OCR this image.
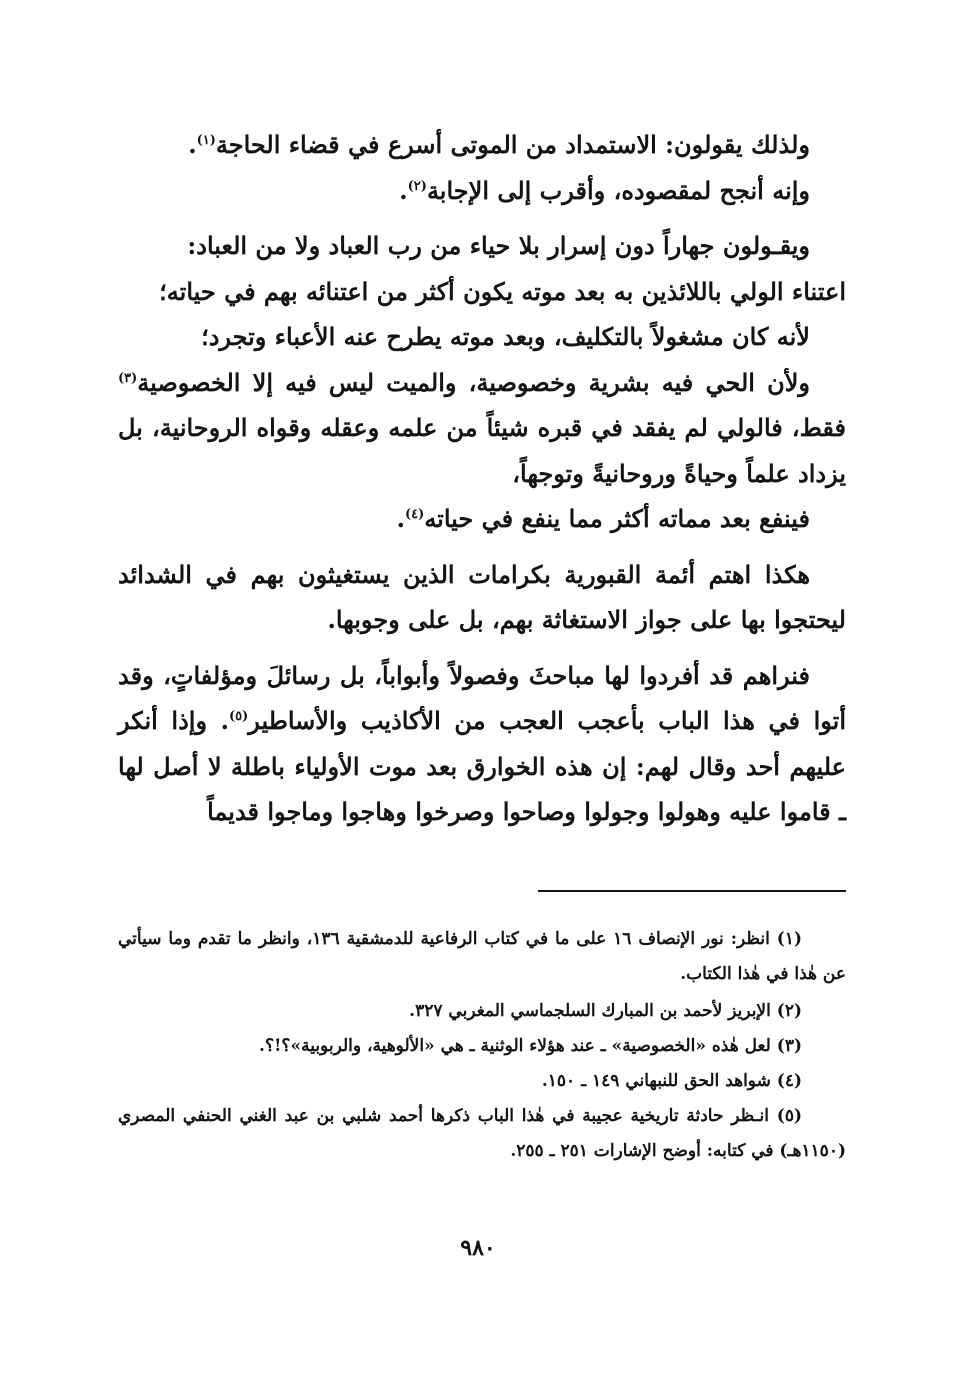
ولذلك يقولون: الاستمداد من الموتى أسرع في قضاء الحاجة$^{(١)}$.

وإنه أنجح لمقصوده، وأقرب إلى الإجابة$^{(٢)}$.

ويقـولون جهاراً دون إسرار بلا حياء من رب العباد ولا من العباد:

اعتناء الولي باللائذين به بعد موته يكون أكثر من اعتنائه بهم في حياته؛

لأنه كان مشغولاً بالتكليف، وبعد موته يطرح عنه الأعباء وتجرد؛

ولأن الحي فيه بشرية وخصوصية، والميت ليس فيه إلا الخصوصية$^{(٣)}$ فقط، فالولي لم يفقد في قبره شيئاً من علمه وعقله وقواه الروحانية، بل يزداد علماً وحياةً وروحانيةً وتوجهاً،

فينفع بعد مماته أكثر مما ينفع في حياته$^{(٤)}$.

هكذا اهتم أئمة القبورية بكرامات الذين يستغيثون بهم في الشدائد ليحتجوا بها على جواز الاستغاثة بهم، بل على وجوبها.

فنراهم قد أفردوا لها مباحثَ وفصولاً وأبواباً، بل رسائلَ ومؤلفاتٍ، وقد أتوا في هذا الباب بأعجب العجب من الأكاذيب والأساطير$^{(٥)}$. وإذا أنكر عليهم أحد وقال لهم: إن هذه الخوارق بعد موت الأولياء باطلة لا أصل لها ـ قاموا عليه وهولوا وجولوا وصاحوا وصرخوا وهاجوا وماجوا قديماً

(١) انظر: نور الإنصاف ١٦ على ما في كتاب الرفاعية للدمشقية ١٣٦، وانظر ما تقدم وما سيأتي عن هٰذا في هٰذا الكتاب.

(٢) الإبريز لأحمد بن المبارك السلجماسي المغربي ٣٢٧.

(٣) لعل هٰذه «الخصوصية» ـ عند هؤلاء الوثنية ـ هي «الألوهية، والربوبية»؟!؟.

(٤) شواهد الحق للنبهاني ١٤٩ ـ ١٥٠.

(٥) انـظر حادثة تاريخية عجيبة في هٰذا الباب ذكرها أحمد شلبي بن عبد الغني الحنفي المصري (١١٥٠هـ) في كتابه: أوضح الإشارات ٢٥١ ـ ٢٥٥.

٩٨٠
